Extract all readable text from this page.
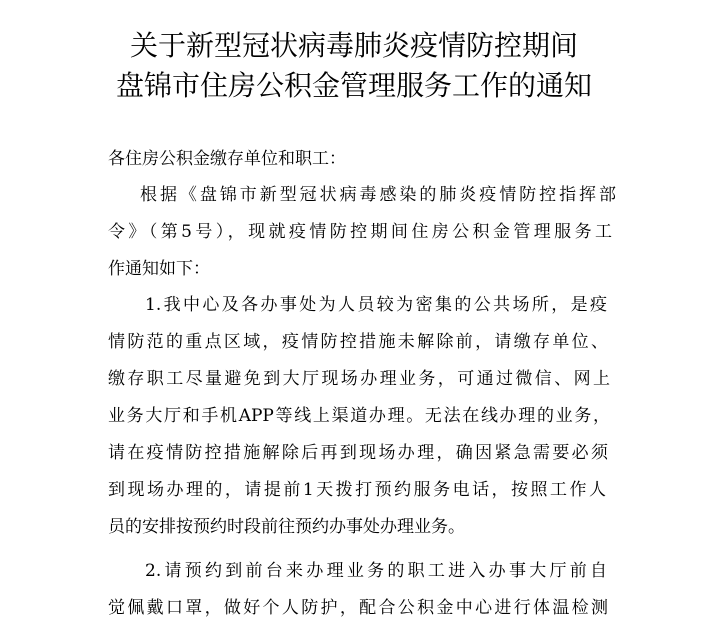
关于新型冠状病毒肺炎疫情防控期间
盘锦市住房公积金管理服务工作的通知
各住房公积金缴存单位和职工：
根据《盘锦市新型冠状病毒感染的肺炎疫情防控指挥部
令》（第5号），现就疫情防控期间住房公积金管理服务工
作通知如下：
1.我中心及各办事处为人员较为密集的公共场所，是疫
情防范的重点区域，疫情防控措施未解除前，请缴存单位、
缴存职工尽量避免到大厅现场办理业务，可通过微信、网上
业务大厅和手机APP等线上渠道办理。无法在线办理的业务，
请在疫情防控措施解除后再到现场办理，确因紧急需要必须
到现场办理的，请提前1天拨打预约服务电话，按照工作人
员的安排按预约时段前往预约办事处办理业务。
2.请预约到前台来办理业务的职工进入办事大厅前自
觉佩戴口罩，做好个人防护，配合公积金中心进行体温检测
